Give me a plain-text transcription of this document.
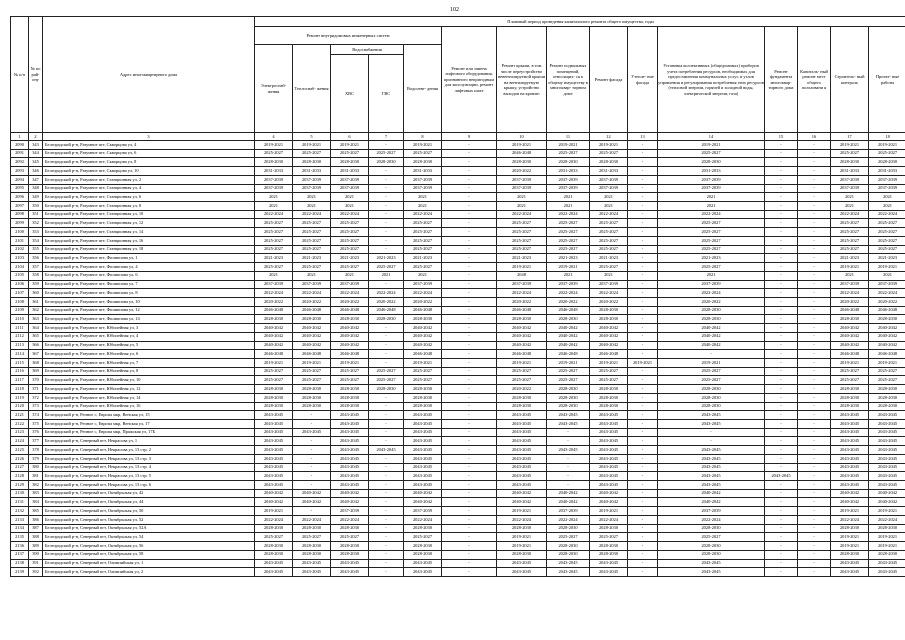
102
№ п/п	№ по рай- ону	Адрес многоквартирного дома	Плановый период проведения капитального ремонта общего имущества, годы														
			Ремонт внутридомовых инженерных систем					Ремонт или замена лифтового оборудования, признанного непригодным для эксплуатации, ремонт лифтовых шахт	Ремонт крыши, в том числе переустройство невентилируемой крыши на вентилируемую крышу, устройство выходов на кровлю	Ремонт подвальных помещений, относящих- ся к общему имуществу в многоквар- тирном доме	Ремонт фасада	Утепле- ние фасада	Установка коллективных (общедомовых) приборов учета потребления ресурсов, необходимых для предоставления коммунальных услуг, и узлов управления и регулирования потребления этих ресурсов (тепловой энергии, горячей и холодной воды, электрической энергии, газа)	Ремонт фундамента многоквар- тирного дома	Капиталь- ный ремонт мест общего пользовани я	Строитель- ный контроль	Проект- ные работы
			Электроснаб- жения	Теплоснаб- жения	Водоснабжения		Водоотве- дения										
					ХВС	ГВС											
1	2	3	4	5	6	7	8	9	10	11	12	13	14	15	16	17	18
2090	343	Белгородский р-н, Разумное пгт, Скворцова ул, 4	2019-2021	2019-2021	2019-2021	-	2019-2021	-	2019-2021	2019-2021	2019-2021	-	2019-2021	-	-	2019-2021	2019-2021
2091	344	Белгородский р-н, Разумное пгт, Скворцова ул, 6	2025-2027	2025-2027	2025-2027	2025-2027	2025-2027	-	2046-2048	2025-2027	2025-2027	-	2025-2027	-	-	2025-2027	2025-2027
2092	345	Белгородский р-н, Разумное пгт, Скворцова ул, 8	2028-2030	2028-2030	2028-2030	2028-2030	2028-2030	-	2028-2030	2028-2030	2028-2030	-	2028-2030	-	-	2028-2030	2028-2030
2093	346	Белгородский р-н, Разумное пгт, Скворцова ул, 10	2031-2033	2031-2033	2031-2033	-	2031-2033	-	2020-2022	2031-2033	2031-2033	-	2031-2033	-	-	2031-2033	2031-2033
2094	347	Белгородский р-н, Разумное пгт, Станционная ул, 2	2037-2039	2037-2039	2037-2039	-	2037-2039	-	2037-2039	2037-2039	2037-2039	-	2037-2039	-	-	2037-2039	2037-2039
2095	348	Белгородский р-н, Разумное пгт, Станционная ул, 4	2037-2039	2037-2039	2037-2039	-	2037-2039	-	2037-2039	2037-2039	2037-2039	-	2037-2039	-	-	2037-2039	2037-2039
2096	349	Белгородский р-н, Разумное пгт, Станционная ул, 6	2021	2021	2021	-	2021	-	2021	2021	2021	-	2021	-	-	2021	2021
2097	350	Белгородский р-н, Разумное пгт, Станционная ул, 8	2021	2021	2021	-	2021	-	2021	2021	2021	-	2021	-	-	2021	2021
2098	351	Белгородский р-н, Разумное пгт, Станционная ул, 10	2022-2024	2022-2024	2022-2024	-	2022-2024	-	2022-2024	2022-2024	2022-2024	-	2022-2024	-	-	2022-2024	2022-2024
2099	352	Белгородский р-н, Разумное пгт, Станционная ул, 12	2025-2027	2025-2027	2025-2027	-	2025-2027	-	2025-2027	2025-2027	2025-2027	-	2025-2027	-	-	2025-2027	2025-2027
2100	353	Белгородский р-н, Разумное пгт, Станционная ул, 14	2025-2027	2025-2027	2025-2027	-	2025-2027	-	2025-2027	2025-2027	2025-2027	-	2025-2027	-	-	2025-2027	2025-2027
2101	354	Белгородский р-н, Разумное пгт, Станционная ул, 16	2025-2027	2025-2027	2025-2027	-	2025-2027	-	2025-2027	2025-2027	2025-2027	-	2025-2027	-	-	2025-2027	2025-2027
2102	355	Белгородский р-н, Разумное пгт, Станционная ул, 18	2025-2027	2025-2027	2025-2027	-	2025-2027	-	2025-2027	2025-2027	2025-2027	-	2025-2027	-	-	2025-2027	2025-2027
2103	356	Белгородский р-н, Разумное пгт, Филиппова ул, 1	2021-2023	2021-2023	2021-2023	2021-2023	2021-2023	-	2021-2023	2021-2023	2021-2023	-	2021-2023	-	-	2021-2023	2021-2023
2104	357	Белгородский р-н, Разумное пгт, Филиппова ул, 4	2025-2027	2025-2027	2025-2027	2025-2027	2025-2027	-	2019-2021	2019-2021	2025-2027	-	2025-2027	-	-	2019-2021	2019-2021
2105	358	Белгородский р-н, Разумное пгт, Филиппова ул, 6	2021	2021	2021	2021	2021	-	2048	2021	2021	-	2021	-	-	2021	2021
2106	359	Белгородский р-н, Разумное пгт, Филиппова ул, 7	2037-2039	2037-2039	2037-2039	-	2037-2039	-	2037-2039	2037-2039	2037-2039	-	2037-2039	-	-	2037-2039	2037-2039
2107	360	Белгородский р-н, Разумное пгт, Филиппова ул, 8	2022-2024	2022-2024	2022-2024	2022-2024	2022-2024	-	2022-2024	2022-2024	2022-2024	-	2022-2024	-	-	2022-2024	2022-2024
2108	361	Белгородский р-н, Разумное пгт, Филиппова ул, 10	2020-2022	2020-2022	2020-2022	2020-2022	2020-2022	-	2020-2022	2020-2022	2020-2022	-	2020-2022	-	-	2020-2022	2020-2022
2109	362	Белгородский р-н, Разумное пгт, Филиппова ул, 12	2046-2048	2046-2048	2046-2048	2046-2048	2046-2048	-	2046-2048	2046-2048	2028-2030	-	2028-2030	-	-	2046-2048	2046-2048
2110	363	Белгородский р-н, Разумное пгт, Филиппова ул, 14	2028-2030	2028-2030	2028-2030	2028-2030	2028-2030	-	2028-2030	2028-2030	2028-2030	-	2028-2030	-	-	2028-2030	2028-2030
2111	364	Белгородский р-н, Разумное пгт, Юбилейная ул, 3	2040-2042	2040-2042	2040-2042	-	2040-2042	-	2040-2042	2040-2042	2040-2042	-	2040-2042	-	-	2040-2042	2040-2042
2112	365	Белгородский р-н, Разумное пгт, Юбилейная ул, 4	2040-2042	2040-2042	2040-2042	-	2040-2042	-	2040-2042	2040-2042	2040-2042	-	2040-2042	-	-	2040-2042	2040-2042
2113	366	Белгородский р-н, Разумное пгт, Юбилейная ул, 5	2040-2042	2040-2042	2040-2042	-	2040-2042	-	2040-2042	2040-2042	2040-2042	-	2040-2042	-	-	2040-2042	2040-2042
2114	367	Белгородский р-н, Разумное пгт, Юбилейная ул, 6	2046-2048	2046-2048	2046-2048	-	2046-2048	-	2046-2048	2046-2048	2046-2048	-	-	-	-	2046-2048	2046-2048
2115	368	Белгородский р-н, Разумное пгт, Юбилейная ул, 7	2019-2021	2019-2021	2019-2021	-	2019-2021	-	2019-2021	2019-2021	2019-2021	2019-2021	2019-2021	-	-	2019-2021	2019-2021
2116	369	Белгородский р-н, Разумное пгт, Юбилейная ул, 8	2025-2027	2025-2027	2025-2027	2025-2027	2025-2027	-	2025-2027	2025-2027	2025-2027	-	2025-2027	-	-	2025-2027	2025-2027
2117	370	Белгородский р-н, Разумное пгт, Юбилейная ул, 10	2025-2027	2025-2027	2025-2027	2025-2027	2025-2027	-	2025-2027	2025-2027	2025-2027	-	2025-2027	-	-	2025-2027	2025-2027
2118	371	Белгородский р-н, Разумное пгт, Юбилейная ул, 12	2028-2030	2028-2030	2028-2030	2028-2030	2028-2030	-	2020-2022	2028-2030	2028-2030	-	2028-2030	-	-	2028-2030	2028-2030
2119	372	Белгородский р-н, Разумное пгт, Юбилейная ул, 14	2028-2030	2028-2030	2028-2030	-	2028-2030	-	2028-2030	2028-2030	2028-2030	-	2028-2030	-	-	2028-2030	2028-2030
2120	373	Белгородский р-н, Разумное пгт, Юбилейная ул, 16	2028-2030	2028-2030	2028-2030	-	2028-2030	-	2028-2030	2028-2030	2028-2030	-	2028-2030	-	-	2028-2030	2028-2030
2121	374	Белгородский р-н, Репное с, Европа мкр, Венская ул, 15	2043-2045	-	2043-2045	-	2043-2045	-	2043-2045	2043-2045	2043-2045	-	2043-2045	-	-	2043-2045	2043-2045
2122	375	Белгородский р-н, Репное с, Европа мкр, Венская ул, 17	2043-2045	-	2043-2045	-	2043-2045	-	2043-2045	2043-2045	2043-2045	-	2043-2045	-	-	2043-2045	2043-2045
2123	376	Белгородский р-н, Репное с, Европа мкр, Пражская ул, 17Б	2043-2045	2043-2045	2043-2045	-	2043-2045	-	2043-2045	-	2043-2045	-	-	-	-	2043-2045	2043-2045
2124	377	Белгородский р-н, Северный пгт, Некрасова ул, 1	2043-2045	-	2043-2045	-	2043-2045	-	2043-2045	-	2043-2045	-	-	-	-	2043-2045	2043-2045
2125	378	Белгородский р-н, Северный пгт, Некрасова ул, 13 стр. 2	2043-2045	-	2043-2045	2043-2045	2043-2045	-	2043-2045	2043-2045	2043-2045	-	2043-2045	-	-	2043-2045	2043-2045
2126	379	Белгородский р-н, Северный пгт, Некрасова ул, 13 стр. 3	2043-2045	-	2043-2045	-	2043-2045	-	2043-2045	-	2043-2045	-	2043-2045	-	-	2043-2045	2043-2045
2127	380	Белгородский р-н, Северный пгт, Некрасова ул, 13 стр. 4	2043-2045	-	2043-2045	-	2043-2045	-	2043-2045	-	2043-2045	-	2043-2045	-	-	2043-2045	2043-2045
2128	381	Белгородский р-н, Северный пгт, Некрасова ул, 13 стр. 5	2043-2045	-	2043-2045	-	2043-2045	-	2043-2045	-	2043-2045	-	2043-2045	2043-2045	-	2043-2045	2043-2045
2129	382	Белгородский р-н, Северный пгт, Некрасова ул, 13 стр. 6	2043-2045	-	2043-2045	-	2043-2045	-	2043-2045	-	2043-2045	-	2043-2045	-	-	2043-2045	2043-2045
2130	383	Белгородский р-н, Северный пгт, Октябрьская ул, 42	2040-2042	2040-2042	2040-2042	-	2040-2042	-	2040-2042	2040-2042	2040-2042	-	2040-2042	-	-	2040-2042	2040-2042
2131	384	Белгородский р-н, Северный пгт, Октябрьская ул, 44	2040-2042	2040-2042	2040-2042	-	2040-2042	-	2040-2042	2040-2042	2040-2042	-	2040-2042	-	-	2040-2042	2040-2042
2132	385	Белгородский р-н, Северный пгт, Октябрьская ул, 50	2019-2021	-	2037-2039	-	2037-2039	-	2019-2021	2037-2039	2019-2021	-	2037-2039	-	-	2019-2021	2019-2021
2133	386	Белгородский р-н, Северный пгт, Октябрьская ул, 52	2022-2024	2022-2024	2022-2024	-	2022-2024	-	2022-2024	2022-2024	2022-2024	-	2022-2024	-	-	2022-2024	2022-2024
2134	387	Белгородский р-н, Северный пгт, Октябрьская ул, 52А	2028-2030	2028-2030	2028-2030	-	2028-2030	-	2028-2030	2028-2030	2028-2030	-	2028-2030	-	-	2028-2030	2028-2030
2135	388	Белгородский р-н, Северный пгт, Октябрьская ул, 54	2025-2027	2025-2027	2025-2027	-	2025-2027	-	2019-2021	2025-2027	2025-2027	-	2025-2027	-	-	2019-2021	2019-2021
2136	389	Белгородский р-н, Северный пгт, Октябрьская ул, 56	2028-2030	2028-2030	2028-2030	-	2028-2030	-	2019-2021	2028-2030	2028-2030	-	2028-2030	-	-	2019-2021	2019-2021
2137	390	Белгородский р-н, Северный пгт, Октябрьская ул, 58	2028-2030	2028-2030	2028-2030	-	2028-2030	-	2028-2030	2028-2030	2028-2030	-	2028-2030	-	-	2028-2030	2028-2030
2138	391	Белгородский р-н, Северный пгт, Олимпийская ул, 1	2043-2045	2043-2045	2043-2045	-	2043-2045	-	2043-2045	2043-2045	2043-2045	-	2043-2045	-	-	2043-2045	2043-2045
2139	392	Белгородский р-н, Северный пгт, Олимпийская ул, 2	2043-2045	2043-2045	2043-2045	-	2043-2045	-	2043-2045	2043-2045	2043-2045	-	2043-2045	-	-	2043-2045	2043-2045
